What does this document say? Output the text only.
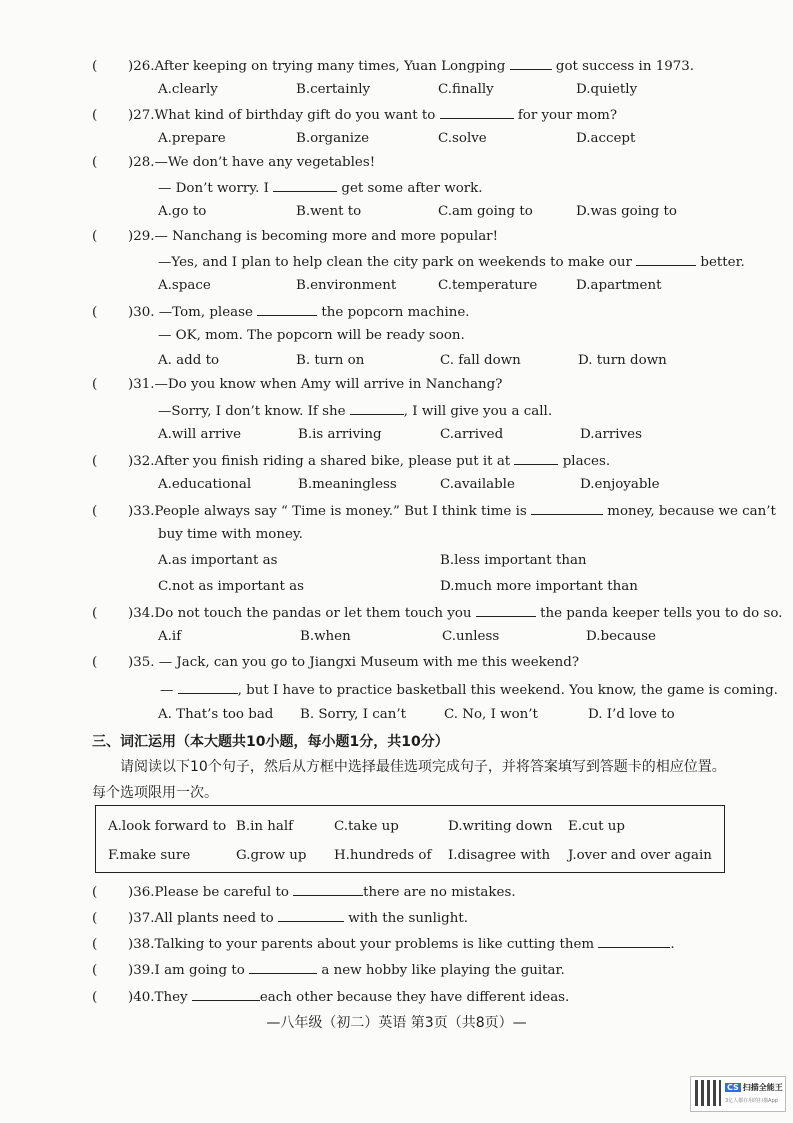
( )26.After keeping on trying many times, Yuan Longping	got success in 1973.
A.clearly	B.certainly	C.finally	D.quietly
( )27.What kind of birthday gift do you want to	for your mom?
A.prepare	B.organize	C.solve	D.accept
( )28.—We don’t have any vegetables!
— Don’t worry. I	get some after work.
A.go to	B.went to	C.am going to	D.was going to
( )29.— Nanchang is becoming more and more popular!
—Yes, and I plan to help clean the city park on weekends to make our	better.
A.space	B.environment	C.temperature	D.apartment
( )30. —Tom, please	the popcorn machine.
— OK, mom. The popcorn will be ready soon.
A. add to	B. turn on	C. fall down	D. turn down
( )31.—Do you know when Amy will arrive in Nanchang?
—Sorry, I don’t know. If she	, I will give you a call.
A.will arrive	B.is arriving	C.arrived	D.arrives
( )32.After you finish riding a shared bike, please put it at	places.
A.educational	B.meaningless	C.available	D.enjoyable
( )33.People always say “ Time is money.” But I think time is	money, because we can’t
buy time with money.
A.as important as	B.less important than
C.not as important as	D.much more important than
( )34.Do not touch the pandas or let them touch you	the panda keeper tells you to do so.
A.if	B.when	C.unless	D.because
( )35. — Jack, can you go to Jiangxi Museum with me this weekend?
—	, but I have to practice basketball this weekend. You know, the game is coming.
A. That’s too bad B. Sorry, I can’t	C. No, I won’t	D. I’d love to
三、词汇运用（本大题共10小题，每小题1分，共10分）
请阅读以下10个句子，然后从方框中选择最佳选项完成句子，并将答案填写到答题卡的相应位置。每个选项限用一次。
A.look forward to B.in half	C.take up	D.writing down E.cut up
F.make sure	G.grow up H.hundreds of I.disagree with J.over and over again
( )36.Please be careful to	there are no mistakes.
( )37.All plants need to	with the sunlight.
( )38.Talking to your parents about your problems is like cutting them	.
( )39.I am going to	a new hobby like playing the guitar.
( )40.They	each other because they have different ideas.
—八年级（初二）英语 第3页（共8页）—
CS 扫描全能王
3亿人都在用的扫描App
